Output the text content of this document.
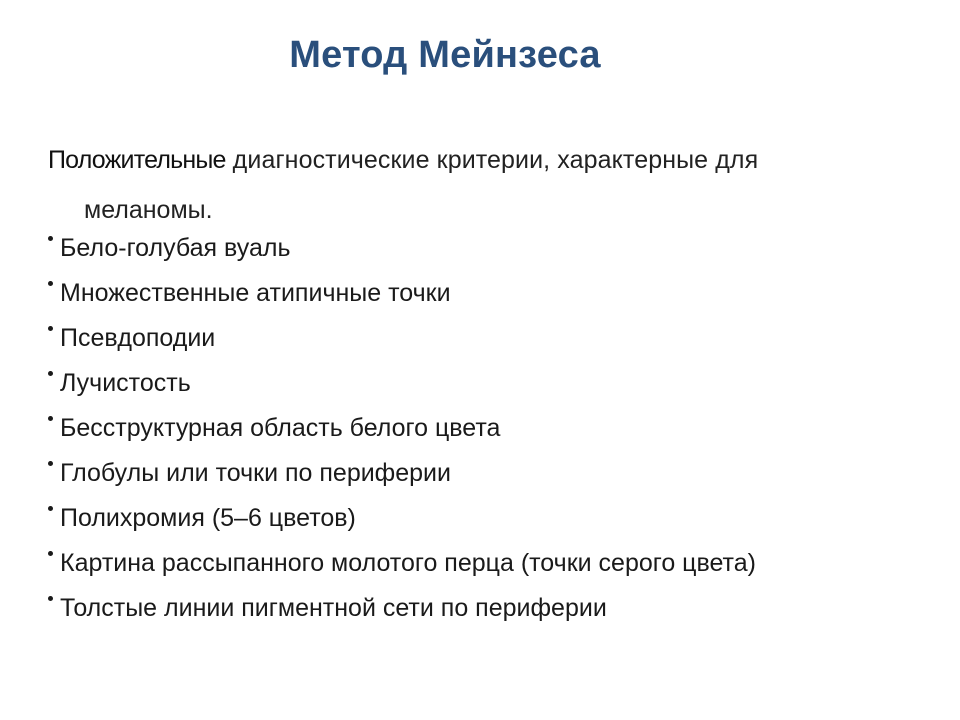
Метод Мейнзеса
Положительные диагностические критерии, характерные для
меланомы.
Бело-голубая вуаль
Множественные атипичные точки
Псевдоподии
Лучистость
Бесструктурная область белого цвета
Глобулы или точки по периферии
Полихромия (5–6 цветов)
Картина рассыпанного молотого перца (точки серого цвета)
Толстые линии пигментной сети по периферии
